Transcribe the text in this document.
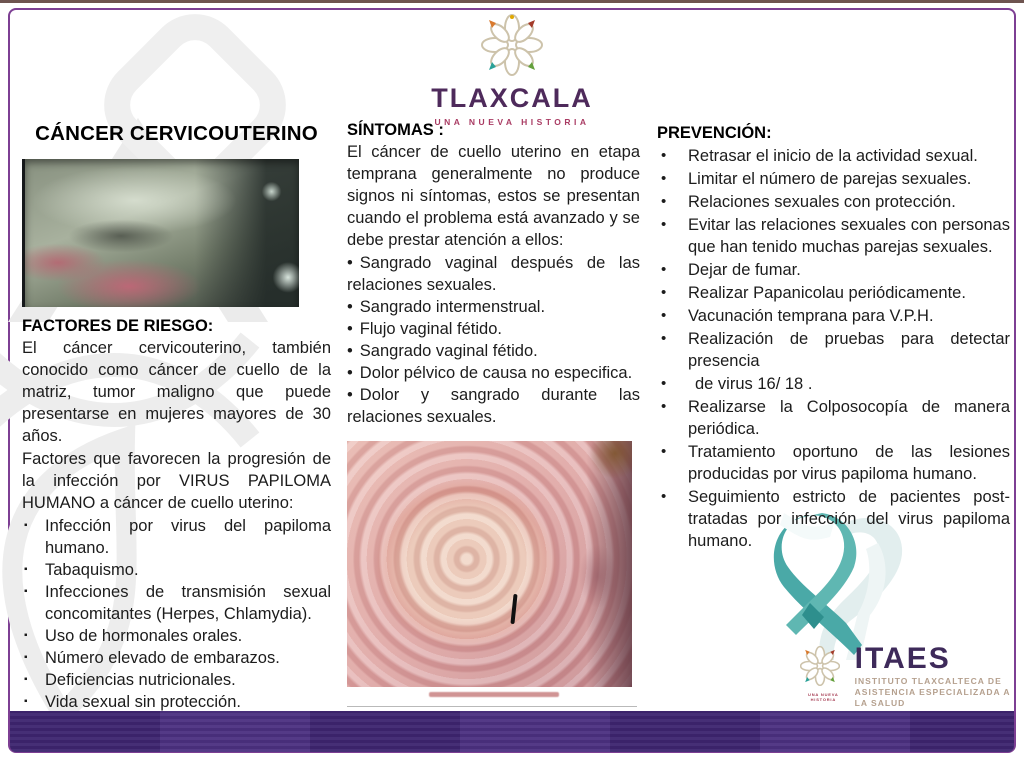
TLAXCALA
UNA NUEVA HISTORIA
CÁNCER CERVICOUTERINO
FACTORES DE RIESGO:
El cáncer cervicouterino, también conocido como cáncer de cuello de la matriz, tumor maligno que puede presentarse en mujeres mayores de 30 años.
Factores que favorecen la progresión de la infección por VIRUS PAPILOMA HUMANO a cáncer de cuello uterino:
▪	Infección por virus del papiloma humano.
▪	Tabaquismo.
▪	Infecciones de transmisión sexual concomitantes (Herpes, Chlamydia).
▪	Uso de hormonales orales.
▪	Número elevado de embarazos.
▪	Deficiencias nutricionales.
▪	Vida sexual sin protección.
SÍNTOMAS :
El cáncer de cuello uterino en etapa temprana generalmente no produce signos ni síntomas, estos se presentan cuando el problema está avanzado y se debe prestar atención a ellos:
• Sangrado vaginal después de las relaciones sexuales.
• Sangrado intermenstrual.
• Flujo vaginal fétido.
• Sangrado vaginal fétido.
• Dolor pélvico de causa no especifica.
• Dolor y sangrado durante las relaciones sexuales.
PREVENCIÓN:
•	Retrasar el inicio de la actividad sexual.
•	Limitar el número de parejas sexuales.
•	Relaciones sexuales con protección.
•	Evitar las relaciones sexuales con personas que han tenido muchas parejas sexuales.
•	Dejar de fumar.
•	Realizar Papanicolau periódicamente.
•	Vacunación temprana para V.P.H.
•	Realización de pruebas para detectar presencia
•	de virus 16/ 18 .
•	Realizarse la Colposocopía de manera periódica.
•	Tratamiento oportuno de las lesiones producidas por virus papiloma humano.
•	Seguimiento estricto de pacientes post-tratadas por infección del virus papiloma humano.
UNA NUEVA HISTORIA
ITAES
INSTITUTO TLAXCALTECA DE
ASISTENCIA ESPECIALIZADA A LA SALUD
